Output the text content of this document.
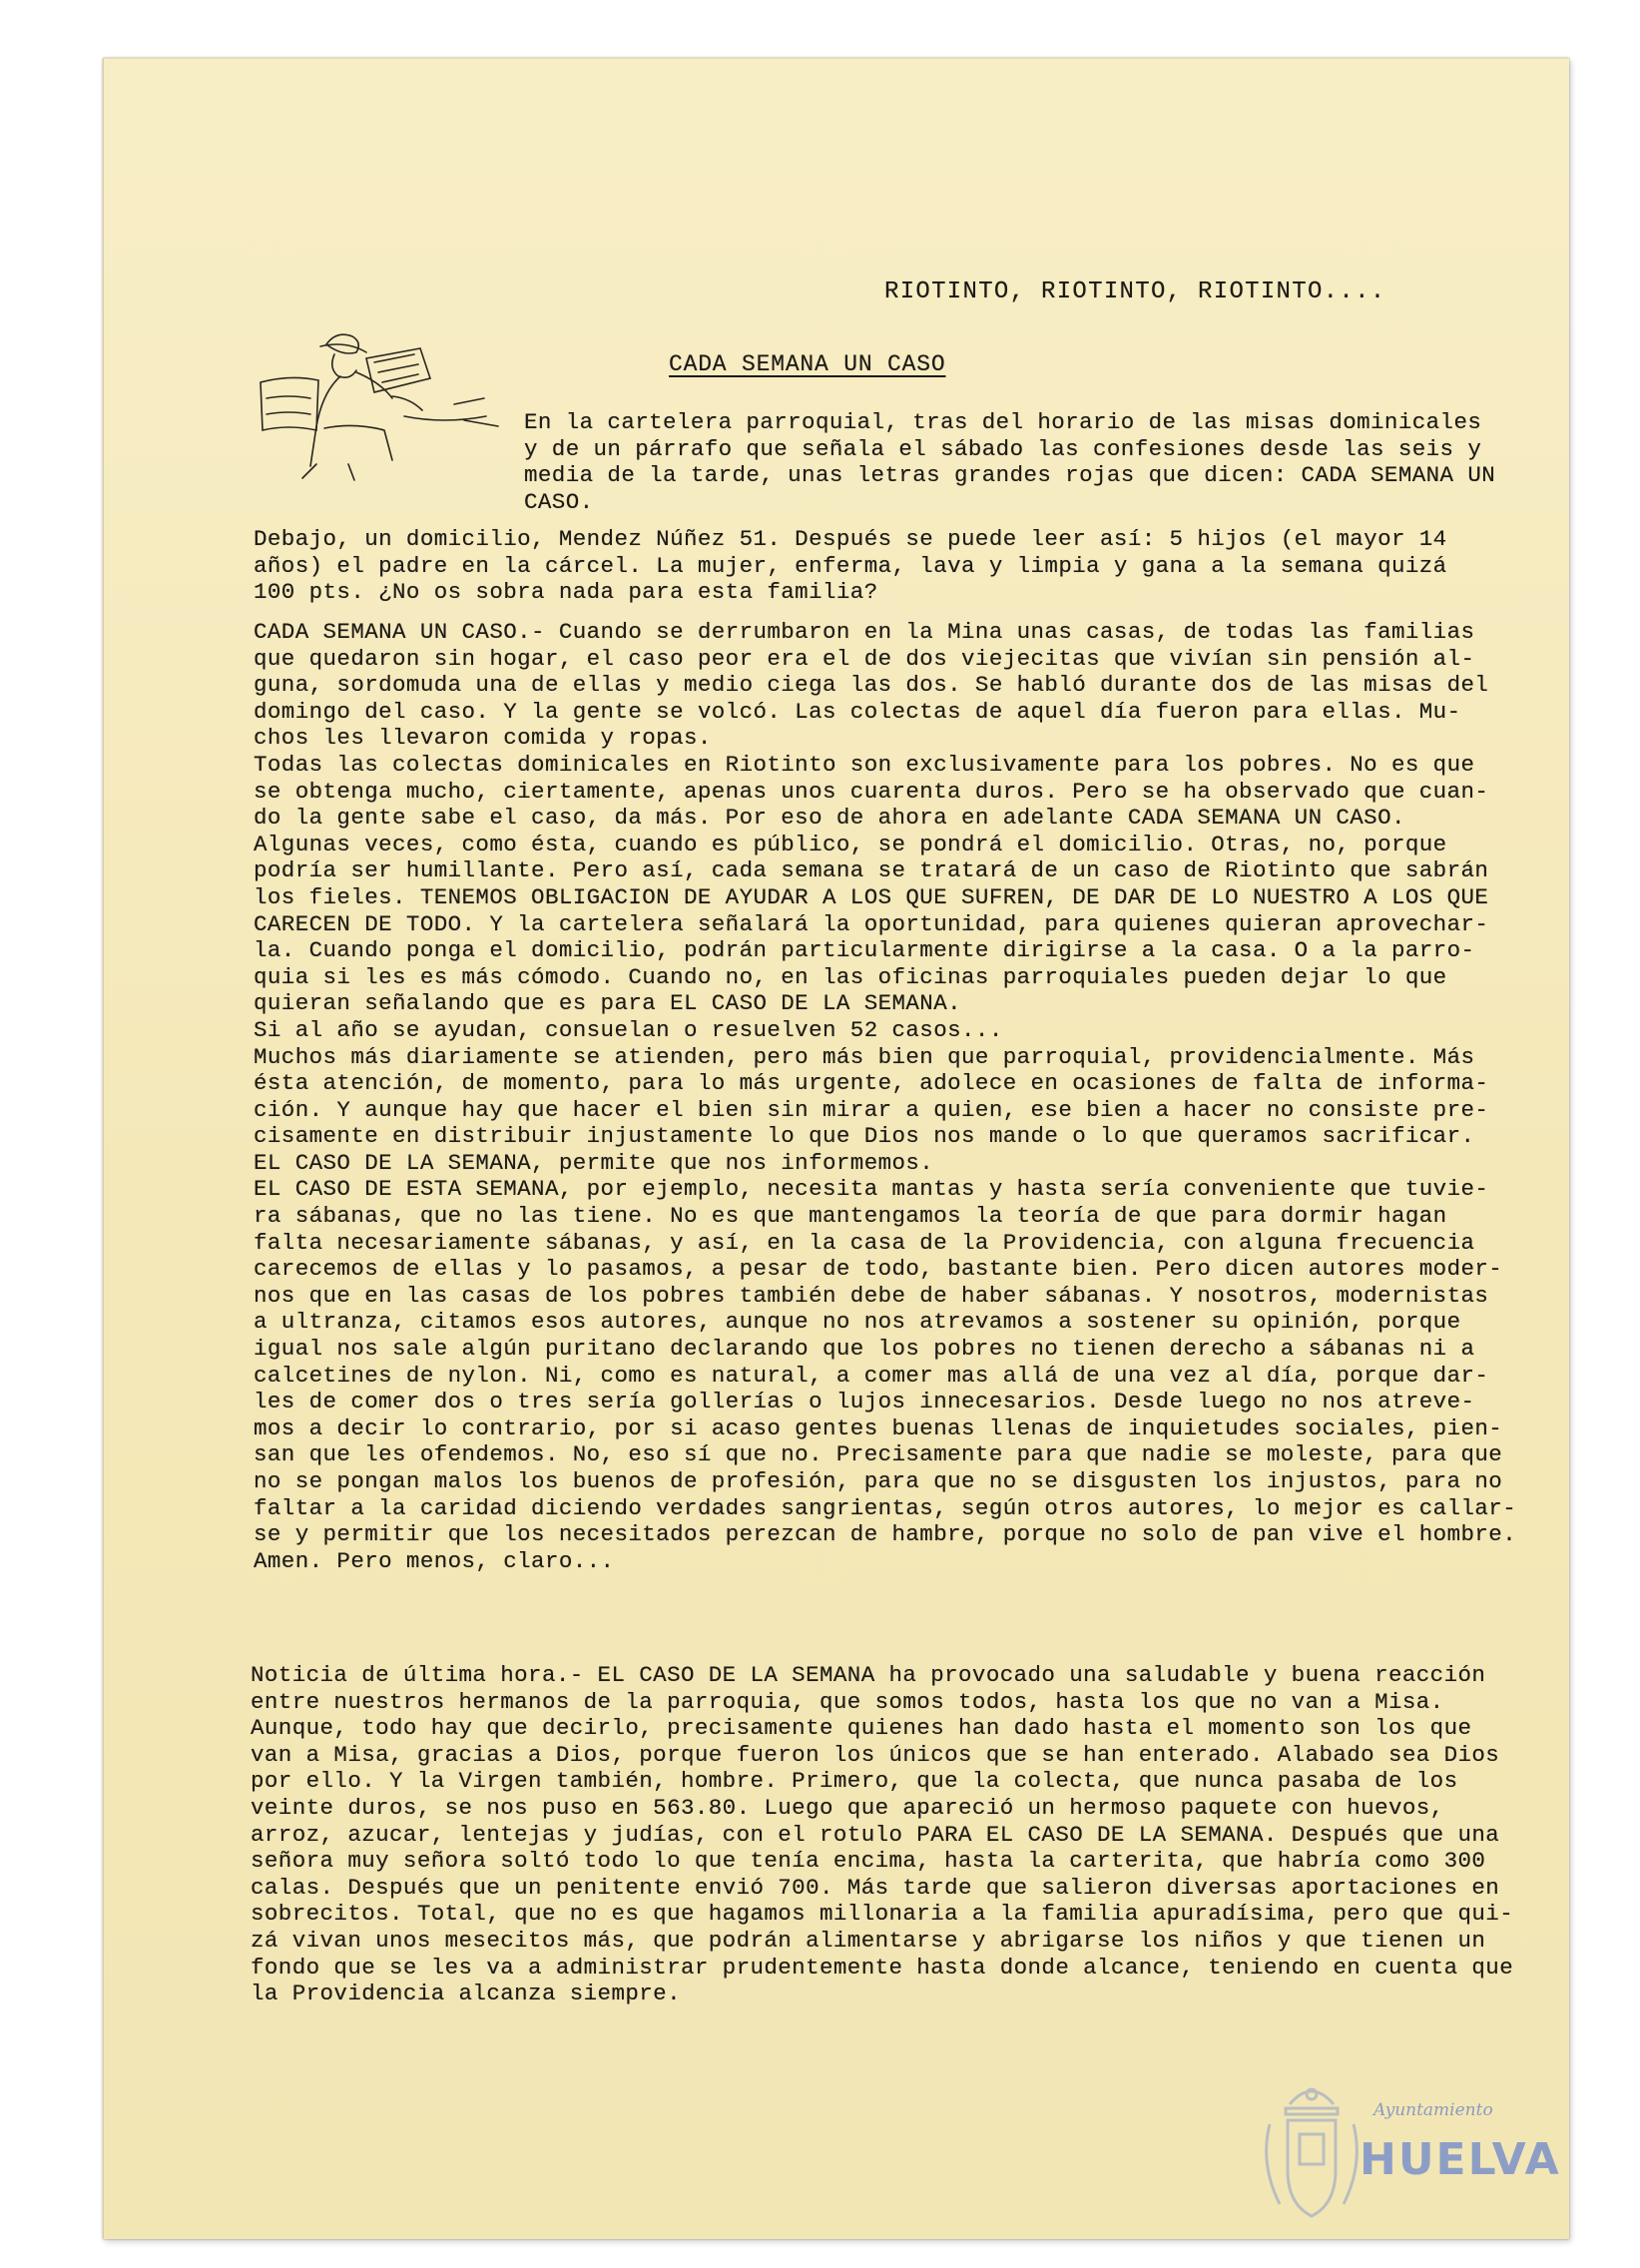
RIOTINTO, RIOTINTO, RIOTINTO....
CADA SEMANA UN CASO
En la cartelera parroquial, tras del horario de las misas dominicales
y de un párrafo que señala el sábado las confesiones desde las seis y
media de la tarde, unas letras grandes rojas que dicen: CADA SEMANA UN
CASO.
Debajo, un domicilio, Mendez Núñez 51. Después se puede leer así: 5 hijos (el mayor 14
años) el padre en la cárcel. La mujer, enferma, lava y limpia y gana a la semana quizá
100 pts. ¿No os sobra nada para esta familia?
CADA SEMANA UN CASO.- Cuando se derrumbaron en la Mina unas casas, de todas las familias
que quedaron sin hogar, el caso peor era el de dos viejecitas que vivían sin pensión al-
guna, sordomuda una de ellas y medio ciega las dos. Se habló durante dos de las misas del
domingo del caso. Y la gente se volcó. Las colectas de aquel día fueron para ellas. Mu-
chos les llevaron comida y ropas.
Todas las colectas dominicales en Riotinto son exclusivamente para los pobres. No es que
se obtenga mucho, ciertamente, apenas unos cuarenta duros. Pero se ha observado que cuan-
do la gente sabe el caso, da más. Por eso de ahora en adelante CADA SEMANA UN CASO.
Algunas veces, como ésta, cuando es público, se pondrá el domicilio. Otras, no, porque
podría ser humillante. Pero así, cada semana se tratará de un caso de Riotinto que sabrán
los fieles. TENEMOS OBLIGACION DE AYUDAR A LOS QUE SUFREN, DE DAR DE LO NUESTRO A LOS QUE
CARECEN DE TODO. Y la cartelera señalará la oportunidad, para quienes quieran aprovechar-
la. Cuando ponga el domicilio, podrán particularmente dirigirse a la casa. O a la parro-
quia si les es más cómodo. Cuando no, en las oficinas parroquiales pueden dejar lo que
quieran señalando que es para EL CASO DE LA SEMANA.
Si al año se ayudan, consuelan o resuelven 52 casos...
Muchos más diariamente se atienden, pero más bien que parroquial, providencialmente. Más
ésta atención, de momento, para lo más urgente, adolece en ocasiones de falta de informa-
ción. Y aunque hay que hacer el bien sin mirar a quien, ese bien a hacer no consiste pre-
cisamente en distribuir injustamente lo que Dios nos mande o lo que queramos sacrificar.
EL CASO DE LA SEMANA, permite que nos informemos.
EL CASO DE ESTA SEMANA, por ejemplo, necesita mantas y hasta sería conveniente que tuvie-
ra sábanas, que no las tiene. No es que mantengamos la teoría de que para dormir hagan
falta necesariamente sábanas, y así, en la casa de la Providencia, con alguna frecuencia
carecemos de ellas y lo pasamos, a pesar de todo, bastante bien. Pero dicen autores moder-
nos que en las casas de los pobres también debe de haber sábanas. Y nosotros, modernistas
a ultranza, citamos esos autores, aunque no nos atrevamos a sostener su opinión, porque
igual nos sale algún puritano declarando que los pobres no tienen derecho a sábanas ni a
calcetines de nylon. Ni, como es natural, a comer mas allá de una vez al día, porque dar-
les de comer dos o tres sería gollerías o lujos innecesarios. Desde luego no nos atreve-
mos a decir lo contrario, por si acaso gentes buenas llenas de inquietudes sociales, pien-
san que les ofendemos. No, eso sí que no. Precisamente para que nadie se moleste, para que
no se pongan malos los buenos de profesión, para que no se disgusten los injustos, para no
faltar a la caridad diciendo verdades sangrientas, según otros autores, lo mejor es callar-
se y permitir que los necesitados perezcan de hambre, porque no solo de pan vive el hombre.
Amen. Pero menos, claro...
Noticia de última hora.- EL CASO DE LA SEMANA ha provocado una saludable y buena reacción
entre nuestros hermanos de la parroquia, que somos todos, hasta los que no van a Misa.
Aunque, todo hay que decirlo, precisamente quienes han dado hasta el momento son los que
van a Misa, gracias a Dios, porque fueron los únicos que se han enterado. Alabado sea Dios
por ello. Y la Virgen también, hombre. Primero, que la colecta, que nunca pasaba de los
veinte duros, se nos puso en 563.80. Luego que apareció un hermoso paquete con huevos,
arroz, azucar, lentejas y judías, con el rotulo PARA EL CASO DE LA SEMANA. Después que una
señora muy señora soltó todo lo que tenía encima, hasta la carterita, que habría como 300
calas. Después que un penitente envió 700. Más tarde que salieron diversas aportaciones en
sobrecitos. Total, que no es que hagamos millonaria a la familia apuradísima, pero que qui-
zá vivan unos mesecitos más, que podrán alimentarse y abrigarse los niños y que tienen un
fondo que se les va a administrar prudentemente hasta donde alcance, teniendo en cuenta que
la Providencia alcanza siempre.
Ayuntamiento
HUELVA
